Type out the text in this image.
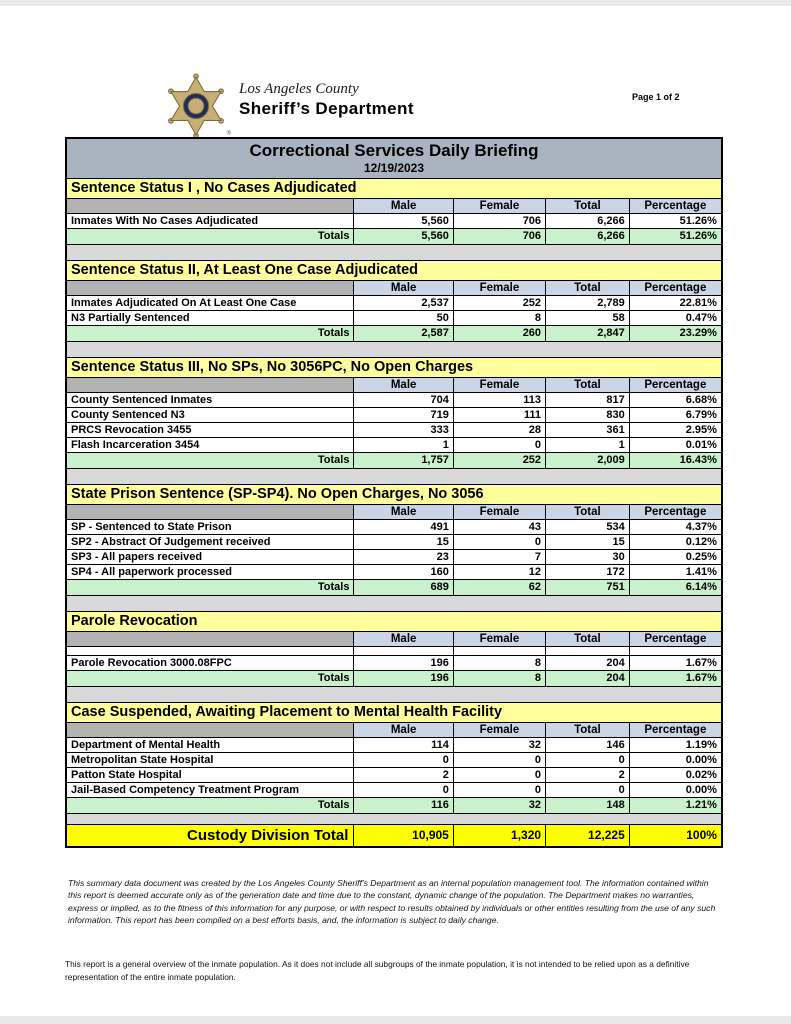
®
Los Angeles County
Sheriff’s Department
Page 1 of 2
Correctional Services Daily Briefing
12/19/2023
Sentence Status I , No Cases Adjudicated
Male	Female	Total	Percentage
Inmates With No Cases Adjudicated	5,560	706	6,266	51.26%
Totals	5,560	706	6,266	51.26%
Sentence Status II, At Least One Case Adjudicated
Male	Female	Total	Percentage
Inmates Adjudicated On At Least One Case	2,537	252	2,789	22.81%
N3 Partially Sentenced	50	8	58	0.47%
Totals	2,587	260	2,847	23.29%
Sentence Status III, No SPs, No 3056PC, No Open Charges
Male	Female	Total	Percentage
County Sentenced Inmates	704	113	817	6.68%
County Sentenced N3	719	111	830	6.79%
PRCS Revocation 3455	333	28	361	2.95%
Flash Incarceration 3454	1	0	1	0.01%
Totals	1,757	252	2,009	16.43%
State Prison Sentence (SP-SP4). No Open Charges, No 3056
Male	Female	Total	Percentage
SP - Sentenced to State Prison	491	43	534	4.37%
SP2 - Abstract Of Judgement received	15	0	15	0.12%
SP3 - All papers received	23	7	30	0.25%
SP4 - All paperwork processed	160	12	172	1.41%
Totals	689	62	751	6.14%
Parole Revocation
Male	Female	Total	Percentage
Parole Revocation 3000.08FPC	196	8	204	1.67%
Totals	196	8	204	1.67%
Case Suspended, Awaiting Placement to Mental Health Facility
Male	Female	Total	Percentage
Department of Mental Health	114	32	146	1.19%
Metropolitan State Hospital	0	0	0	0.00%
Patton State Hospital	2	0	2	0.02%
Jail-Based Competency Treatment Program	0	0	0	0.00%
Totals	116	32	148	1.21%
Custody Division Total	10,905	1,320	12,225	100%

This summary data document was created by the Los Angeles County Sheriff's Department as an internal population management tool. The information contained within this report is deemed accurate only as of the generation date and time due to the constant, dynamic change of the population. The Department makes no warranties, express or implied, as to the fitness of this information for any purpose, or with respect to results obtained by individuals or other entities resulting from the use of any such information. This report has been compiled on a best efforts basis, and, the information is subject to daily change.

This report is a general overview of the inmate population. As it does not include all subgroups of the inmate population, it is not intended to be relied upon as a definitive representation of the entire inmate population.
